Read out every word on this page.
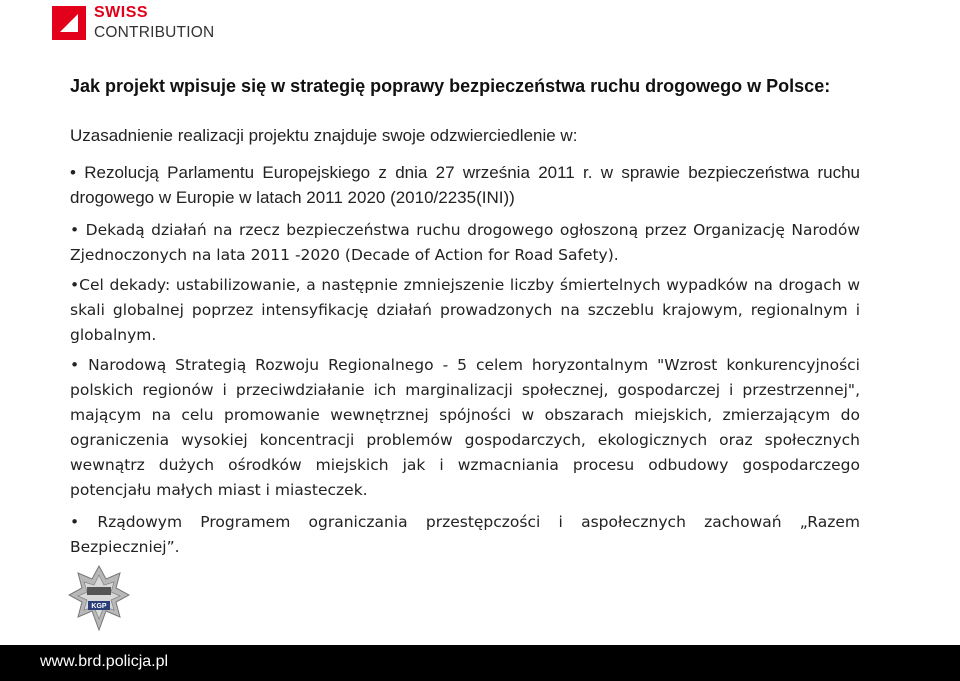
SWISS
CONTRIBUTION
Jak projekt wpisuje się w strategię poprawy bezpieczeństwa ruchu drogowego w Polsce:
Uzasadnienie realizacji projektu znajduje swoje odzwierciedlenie w:
• Rezolucją Parlamentu Europejskiego z dnia 27 września 2011 r. w sprawie bezpieczeństwa ruchu drogowego w Europie w latach 2011 2020 (2010/2235(INI))
• Dekadą działań na rzecz bezpieczeństwa ruchu drogowego ogłoszoną przez Organizację Narodów Zjednoczonych na lata 2011 -2020 (Decade of Action for Road Safety).
•Cel dekady: ustabilizowanie, a następnie zmniejszenie liczby śmiertelnych wypadków na drogach w skali globalnej poprzez intensyfikację działań prowadzonych na szczeblu krajowym, regionalnym i globalnym.
• Narodową Strategią Rozwoju Regionalnego - 5 celem horyzontalnym "Wzrost konkurencyjności polskich regionów i przeciwdziałanie ich marginalizacji społecznej, gospodarczej i przestrzennej", mającym na celu promowanie wewnętrznej spójności w obszarach miejskich, zmierzającym do ograniczenia wysokiej koncentracji problemów gospodarczych, ekologicznych oraz społecznych wewnątrz dużych ośrodków miejskich jak i wzmacniania procesu odbudowy gospodarczego potencjału małych miast i miasteczek.
• Rządowym Programem ograniczania przestępczości i aspołecznych zachowań „Razem Bezpieczniej”.
KGP
www.brd.policja.pl
